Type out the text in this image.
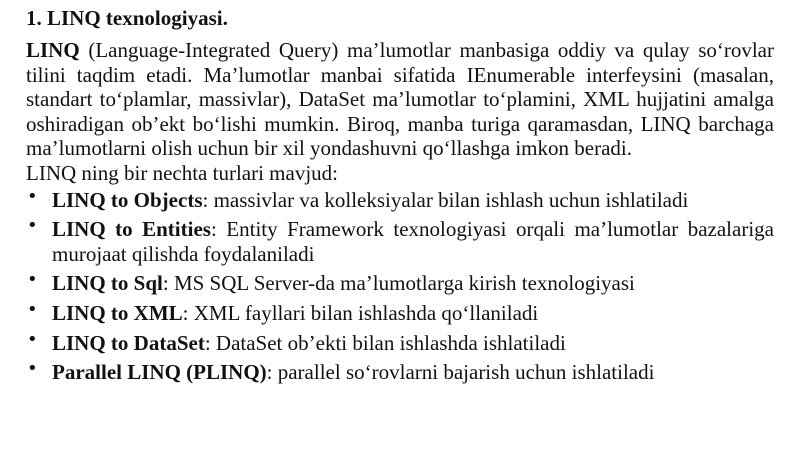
1. LINQ texnologiyasi.

LINQ (Language-Integrated Query) ma’lumotlar manbasiga oddiy va qulay so‘rovlar tilini taqdim etadi. Ma’lumotlar manbai sifatida IEnumerable interfeysini (masalan, standart to‘plamlar, massivlar), DataSet ma’lumotlar to‘plamini, XML hujjatini amalga oshiradigan ob’ekt bo‘lishi mumkin. Biroq, manba turiga qaramasdan, LINQ barchaga ma’lumotlarni olish uchun bir xil yondashuvni qo‘llashga imkon beradi.

LINQ ning bir nechta turlari mavjud:

• LINQ to Objects: massivlar va kolleksiyalar bilan ishlash uchun ishlatiladi
• LINQ to Entities: Entity Framework texnologiyasi orqali ma’lumotlar bazalariga murojaat qilishda foydalaniladi
• LINQ to Sql: MS SQL Server-da ma’lumotlarga kirish texnologiyasi
• LINQ to XML: XML fayllari bilan ishlashda qo‘llaniladi
• LINQ to DataSet: DataSet ob’ekti bilan ishlashda ishlatiladi
• Parallel LINQ (PLINQ): parallel so‘rovlarni bajarish uchun ishlatiladi
